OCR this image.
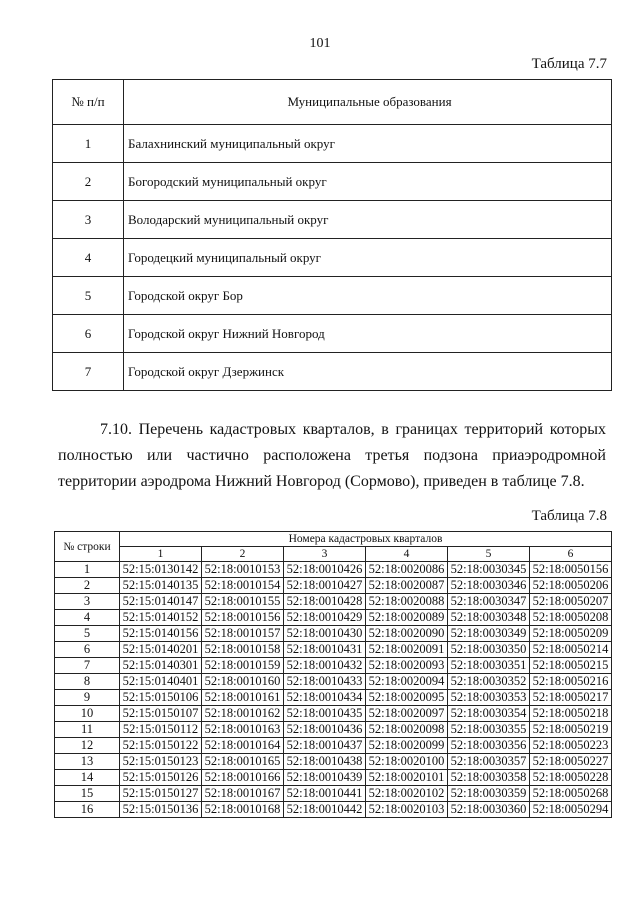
101
Таблица 7.7
№ п/п	Муниципальные образования
1	Балахнинский муниципальный округ
2	Богородский муниципальный округ
3	Володарский муниципальный округ
4	Городецкий муниципальный округ
5	Городской округ Бор
6	Городской округ Нижний Новгород
7	Городской округ Дзержинск
7.10. Перечень кадастровых кварталов, в границах территорий которых полностью или частично расположена третья подзона приаэродромной территории аэродрома Нижний Новгород (Сормово), приведен в таблице 7.8.
Таблица 7.8
№ строки	Номера кадастровых кварталов					
	1	2	3	4	5	6
1	52:15:0130142	52:18:0010153	52:18:0010426	52:18:0020086	52:18:0030345	52:18:0050156
2	52:15:0140135	52:18:0010154	52:18:0010427	52:18:0020087	52:18:0030346	52:18:0050206
3	52:15:0140147	52:18:0010155	52:18:0010428	52:18:0020088	52:18:0030347	52:18:0050207
4	52:15:0140152	52:18:0010156	52:18:0010429	52:18:0020089	52:18:0030348	52:18:0050208
5	52:15:0140156	52:18:0010157	52:18:0010430	52:18:0020090	52:18:0030349	52:18:0050209
6	52:15:0140201	52:18:0010158	52:18:0010431	52:18:0020091	52:18:0030350	52:18:0050214
7	52:15:0140301	52:18:0010159	52:18:0010432	52:18:0020093	52:18:0030351	52:18:0050215
8	52:15:0140401	52:18:0010160	52:18:0010433	52:18:0020094	52:18:0030352	52:18:0050216
9	52:15:0150106	52:18:0010161	52:18:0010434	52:18:0020095	52:18:0030353	52:18:0050217
10	52:15:0150107	52:18:0010162	52:18:0010435	52:18:0020097	52:18:0030354	52:18:0050218
11	52:15:0150112	52:18:0010163	52:18:0010436	52:18:0020098	52:18:0030355	52:18:0050219
12	52:15:0150122	52:18:0010164	52:18:0010437	52:18:0020099	52:18:0030356	52:18:0050223
13	52:15:0150123	52:18:0010165	52:18:0010438	52:18:0020100	52:18:0030357	52:18:0050227
14	52:15:0150126	52:18:0010166	52:18:0010439	52:18:0020101	52:18:0030358	52:18:0050228
15	52:15:0150127	52:18:0010167	52:18:0010441	52:18:0020102	52:18:0030359	52:18:0050268
16	52:15:0150136	52:18:0010168	52:18:0010442	52:18:0020103	52:18:0030360	52:18:0050294
